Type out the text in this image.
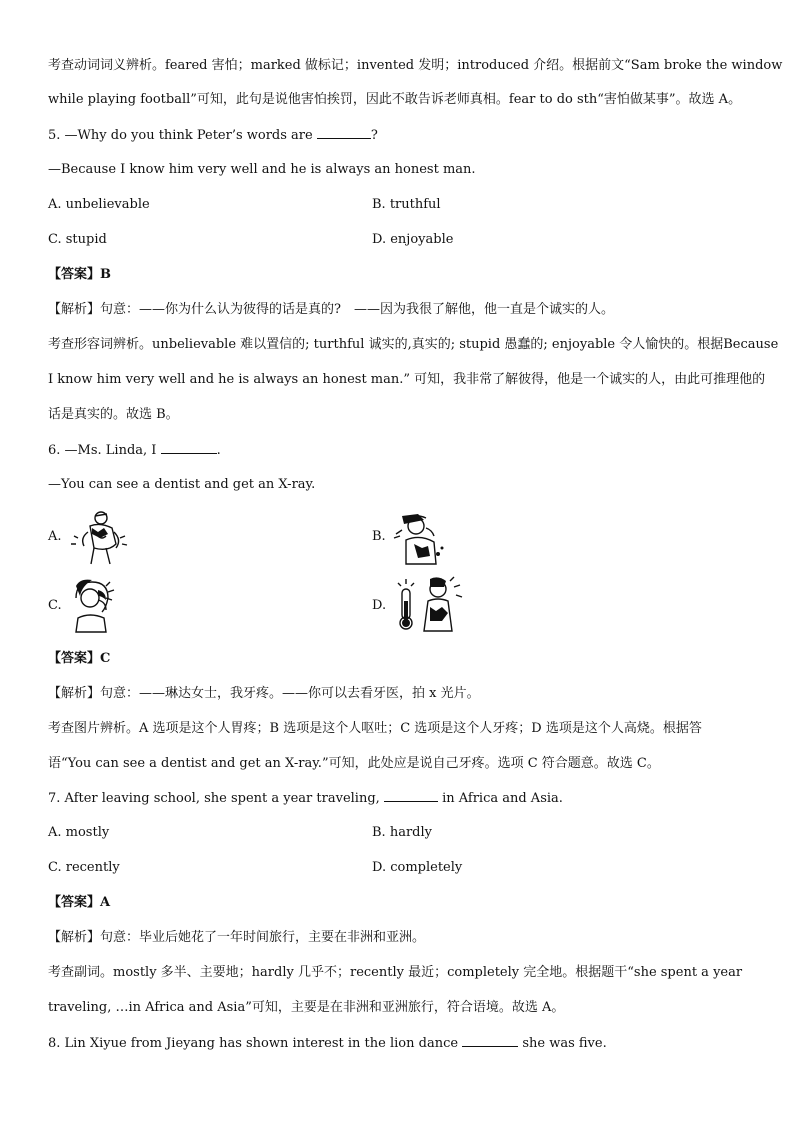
考查动词词义辨析。feared 害怕；marked 做标记；invented 发明；introduced 介绍。根据前文“Sam broke the window
while playing football”可知，此句是说他害怕挨罚，因此不敢告诉老师真相。fear to do sth“害怕做某事”。故选 A。
5. —Why do you think Peter’s words are	?
—Because I know him very well and he is always an honest man.
A. unbelievable	B. truthful
C. stupid	D. enjoyable
【答案】B
【解析】句意：——你为什么认为彼得的话是真的?　——因为我很了解他，他一直是个诚实的人。
考查形容词辨析。unbelievable 难以置信的; turthful 诚实的,真实的; stupid 愚蠢的; enjoyable 令人愉快的。根据Because
I know him very well and he is always an honest man.” 可知，我非常了解彼得，他是一个诚实的人，由此可推理他的
话是真实的。故选 B。
6. —Ms. Linda, I	.
—You can see a dentist and get an X-ray.
A.	B.
C.	D.
【答案】C
【解析】句意：——琳达女士，我牙疼。——你可以去看牙医，拍 x 光片。
考查图片辨析。A 选项是这个人胃疼；B 选项是这个人呕吐；C 选项是这个人牙疼；D 选项是这个人高烧。根据答
语“You can see a dentist and get an X-ray.”可知，此处应是说自己牙疼。选项 C 符合题意。故选 C。
7. After leaving school, she spent a year traveling,	in Africa and Asia.
A. mostly	B. hardly
C. recently	D. completely
【答案】A
【解析】句意：毕业后她花了一年时间旅行，主要在非洲和亚洲。
考查副词。mostly 多半、主要地；hardly 几乎不；recently 最近；completely 完全地。根据题干“she spent a year
traveling, …in Africa and Asia”可知，主要是在非洲和亚洲旅行，符合语境。故选 A。
8. Lin Xiyue from Jieyang has shown interest in the lion dance	she was five.
